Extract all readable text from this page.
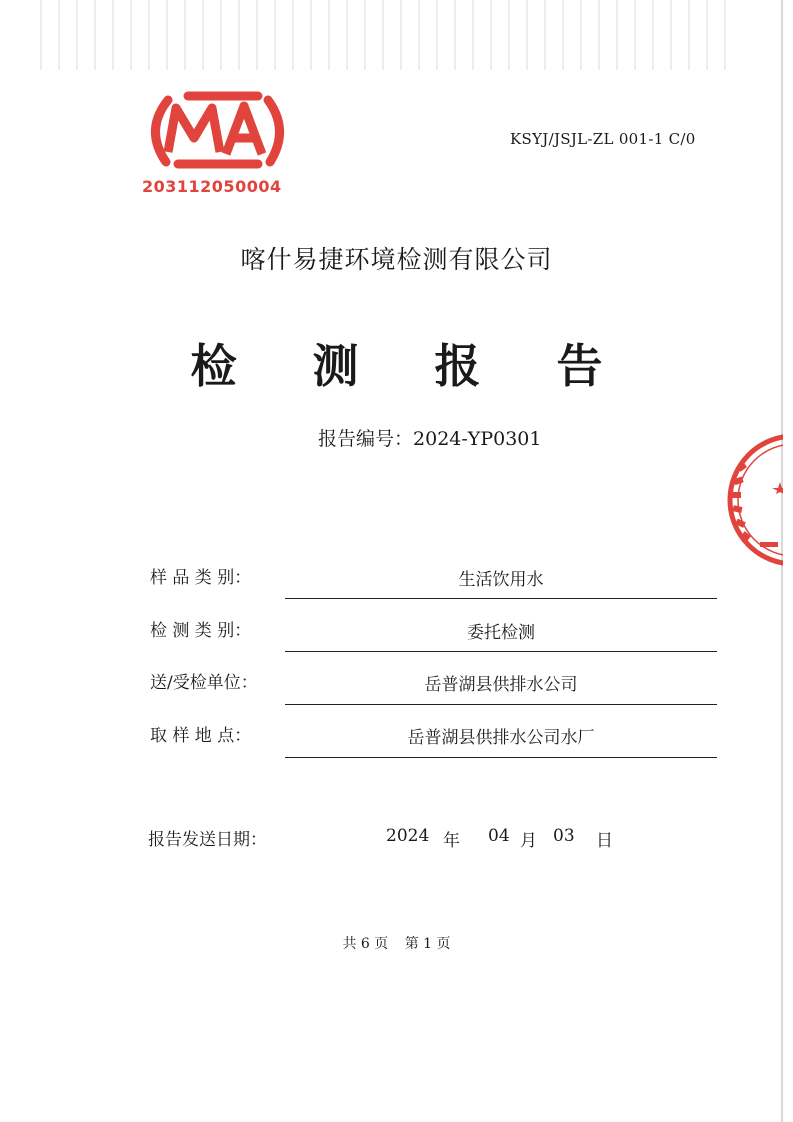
203112050004
KSYJ/JSJL-ZL 001-1 C/0
喀什易捷环境检测有限公司
检 测 报 告
报告编号：2024-YP0301
样 品 类 别：	生活饮用水
检 测 类 别：	委托检测
送/受检单位：	岳普湖县供排水公司
取 样 地 点：	岳普湖县供排水公司水厂
报告发送日期：	2024 年 04 月 03 日
共 6 页 第 1 页
